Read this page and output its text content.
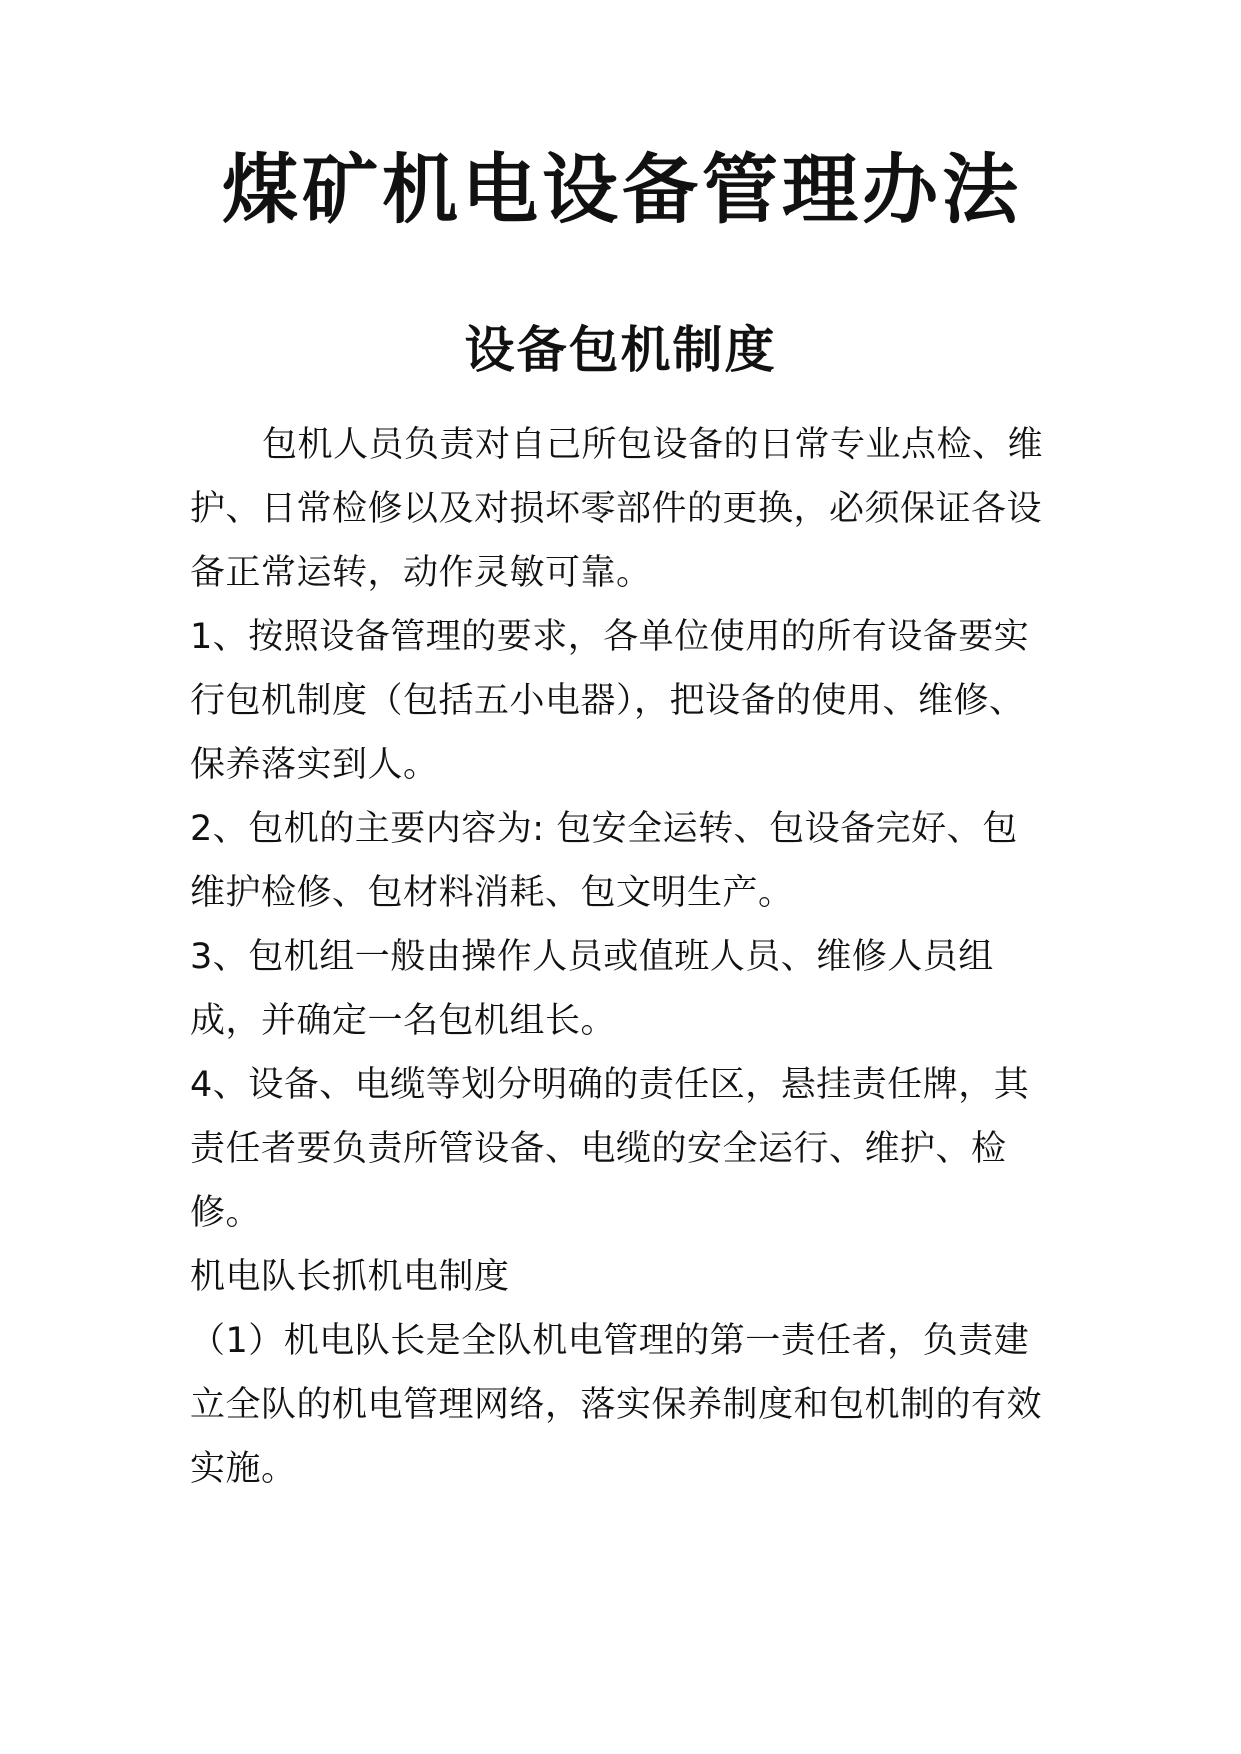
煤矿机电设备管理办法
设备包机制度

包机人员负责对自己所包设备的日常专业点检、维护、日常检修以及对损坏零部件的更换，必须保证各设备正常运转，动作灵敏可靠。

1、按照设备管理的要求，各单位使用的所有设备要实行包机制度（包括五小电器），把设备的使用、维修、保养落实到人。

2、包机的主要内容为: 包安全运转、包设备完好、包维护检修、包材料消耗、包文明生产。

3、包机组一般由操作人员或值班人员、维修人员组成，并确定一名包机组长。

4、设备、电缆等划分明确的责任区，悬挂责任牌，其责任者要负责所管设备、电缆的安全运行、维护、检修。

机电队长抓机电制度

（1）机电队长是全队机电管理的第一责任者，负责建立全队的机电管理网络，落实保养制度和包机制的有效实施。
